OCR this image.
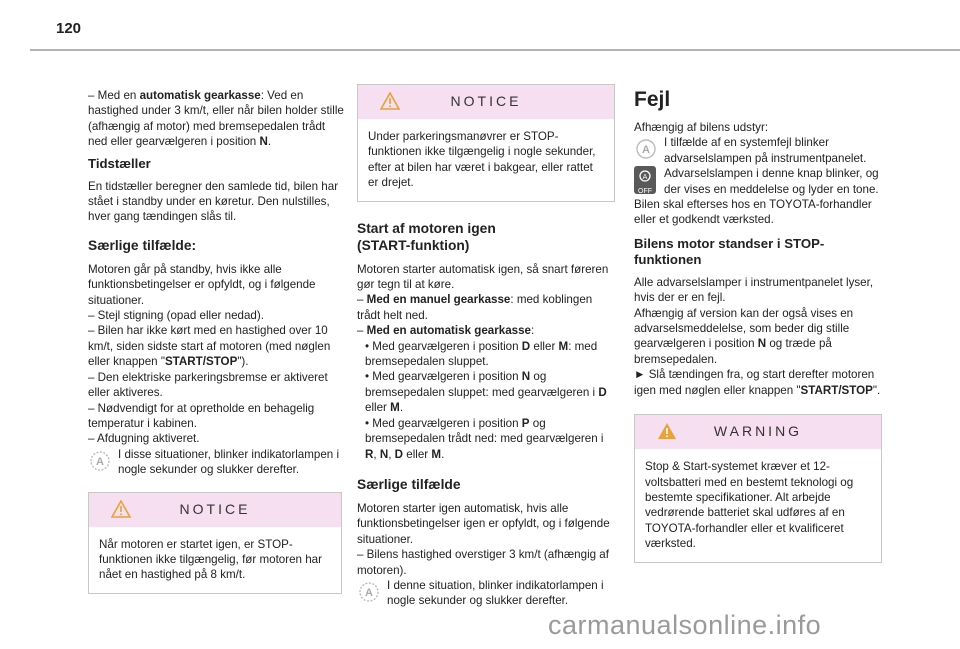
120

– Med en automatisk gearkasse: Ved en hastighed under 3 km/t, eller når bilen holder stille (afhængig af motor) med bremsepedalen trådt ned eller gearvælgeren i position N.

Tidstæller

En tidstæller beregner den samlede tid, bilen har stået i standby under en køretur. Den nulstilles, hver gang tændingen slås til.

Særlige tilfælde:
Motoren går på standby, hvis ikke alle funktionsbetingelser er opfyldt, og i følgende situationer.
– Stejl stigning (opad eller nedad).
– Bilen har ikke kørt med en hastighed over 10 km/t, siden sidste start af motoren (med nøglen eller knappen "START/STOP").
– Den elektriske parkeringsbremse er aktiveret eller aktiveres.
– Nødvendigt for at opretholde en behagelig temperatur i kabinen.
– Afdugning aktiveret.
A
I disse situationer, blinker indikatorlampen i nogle sekunder og slukker derefter.
NOTICE
Når motoren er startet igen, er STOP-funktionen ikke tilgængelig, før motoren har nået en hastighed på 8 km/t.
NOTICE
Under parkeringsmanøvrer er STOP-funktionen ikke tilgængelig i nogle sekunder, efter at bilen har været i bakgear, eller rattet er drejet.
Start af motoren igen (START-funktion)
Motoren starter automatisk igen, så snart føreren gør tegn til at køre.
– Med en manuel gearkasse: med koblingen trådt helt ned.
– Med en automatisk gearkasse:
• Med gearvælgeren i position D eller M: med bremsepedalen sluppet.
• Med gearvælgeren i position N og bremsepedalen sluppet: med gearvælgeren i D eller M.
• Med gearvælgeren i position P og bremsepedalen trådt ned: med gearvælgeren i R, N, D eller M.
Særlige tilfælde
Motoren starter igen automatisk, hvis alle funktionsbetingelser igen er opfyldt, og i følgende situationer.
– Bilens hastighed overstiger 3 km/t (afhængig af motoren).
A
I denne situation, blinker indikatorlampen i nogle sekunder og slukker derefter.
Fejl
Afhængig af bilens udstyr:
A
I tilfælde af en systemfejl blinker advarselslampen på instrumentpanelet.
A
OFF
Advarselslampen i denne knap blinker, og der vises en meddelelse og lyder en tone.
Bilen skal efterses hos en TOYOTA-forhandler eller et godkendt værksted.
Bilens motor standser i STOP-funktionen
Alle advarselslamper i instrumentpanelet lyser, hvis der er en fejl.
Afhængig af version kan der også vises en advarselsmeddelelse, som beder dig stille gearvælgeren i position N og træde på bremsepedalen.
► Slå tændingen fra, og start derefter motoren igen med nøglen eller knappen "START/STOP".
WARNING
Stop & Start-systemet kræver et 12-voltsbatteri med en bestemt teknologi og bestemte specifikationer. Alt arbejde vedrørende batteriet skal udføres af en TOYOTA-forhandler eller et kvalificeret værksted.
carmanualsonline.info
